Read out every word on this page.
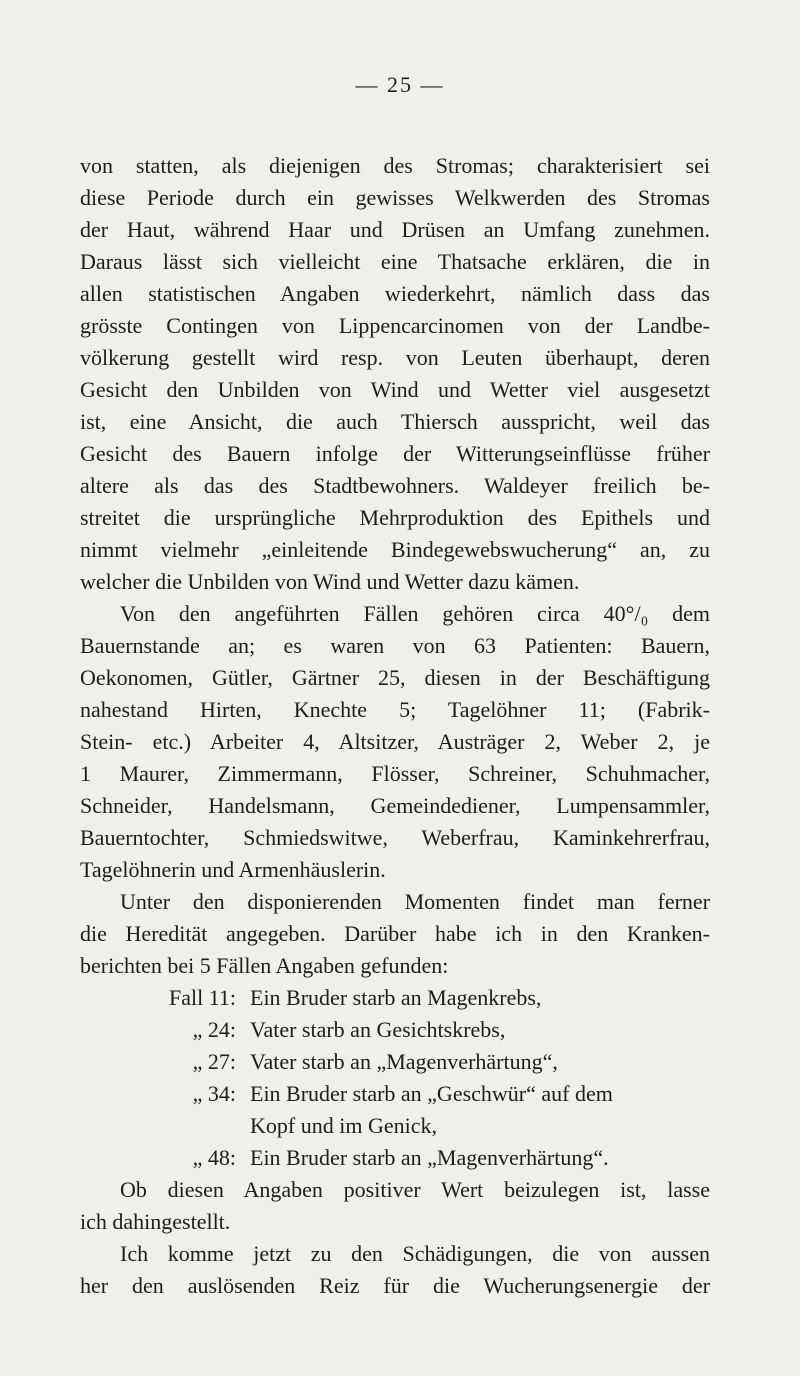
— 25 —
von statten, als diejenigen des Stromas; charakterisiert sei
diese Periode durch ein gewisses Welkwerden des Stromas
der Haut, während Haar und Drüsen an Umfang zunehmen.
Daraus lässt sich vielleicht eine Thatsache erklären, die in
allen statistischen Angaben wiederkehrt, nämlich dass das
grösste Contingen von Lippencarcinomen von der Landbe-
völkerung gestellt wird resp. von Leuten überhaupt, deren
Gesicht den Unbilden von Wind und Wetter viel ausgesetzt
ist, eine Ansicht, die auch Thiersch ausspricht, weil das
Gesicht des Bauern infolge der Witterungseinflüsse früher
altere als das des Stadtbewohners. Waldeyer freilich be-
streitet die ursprüngliche Mehrproduktion des Epithels und
nimmt vielmehr „einleitende Bindegewebswucherung“ an, zu
welcher die Unbilden von Wind und Wetter dazu kämen.
Von den angeführten Fällen gehören circa 40°/₀ dem
Bauernstande an; es waren von 63 Patienten: Bauern,
Oekonomen, Gütler, Gärtner 25, diesen in der Beschäftigung
nahestand Hirten, Knechte 5; Tagelöhner 11; (Fabrik-
Stein- etc.) Arbeiter 4, Altsitzer, Austräger 2, Weber 2, je
1 Maurer, Zimmermann, Flösser, Schreiner, Schuhmacher,
Schneider, Handelsmann, Gemeindediener, Lumpensammler,
Bauerntochter, Schmiedswitwe, Weberfrau, Kaminkehrerfrau,
Tagelöhnerin und Armenhäuslerin.
Unter den disponierenden Momenten findet man ferner
die Heredität angegeben. Darüber habe ich in den Kranken-
berichten bei 5 Fällen Angaben gefunden:
Fall 11: Ein Bruder starb an Magenkrebs,
„ 24: Vater starb an Gesichtskrebs,
„ 27: Vater starb an „Magenverhärtung“,
„ 34: Ein Bruder starb an „Geschwür“ auf dem
Kopf und im Genick,
„ 48: Ein Bruder starb an „Magenverhärtung“.
Ob diesen Angaben positiver Wert beizulegen ist, lasse
ich dahingestellt.
Ich komme jetzt zu den Schädigungen, die von aussen
her den auslösenden Reiz für die Wucherungsenergie der
